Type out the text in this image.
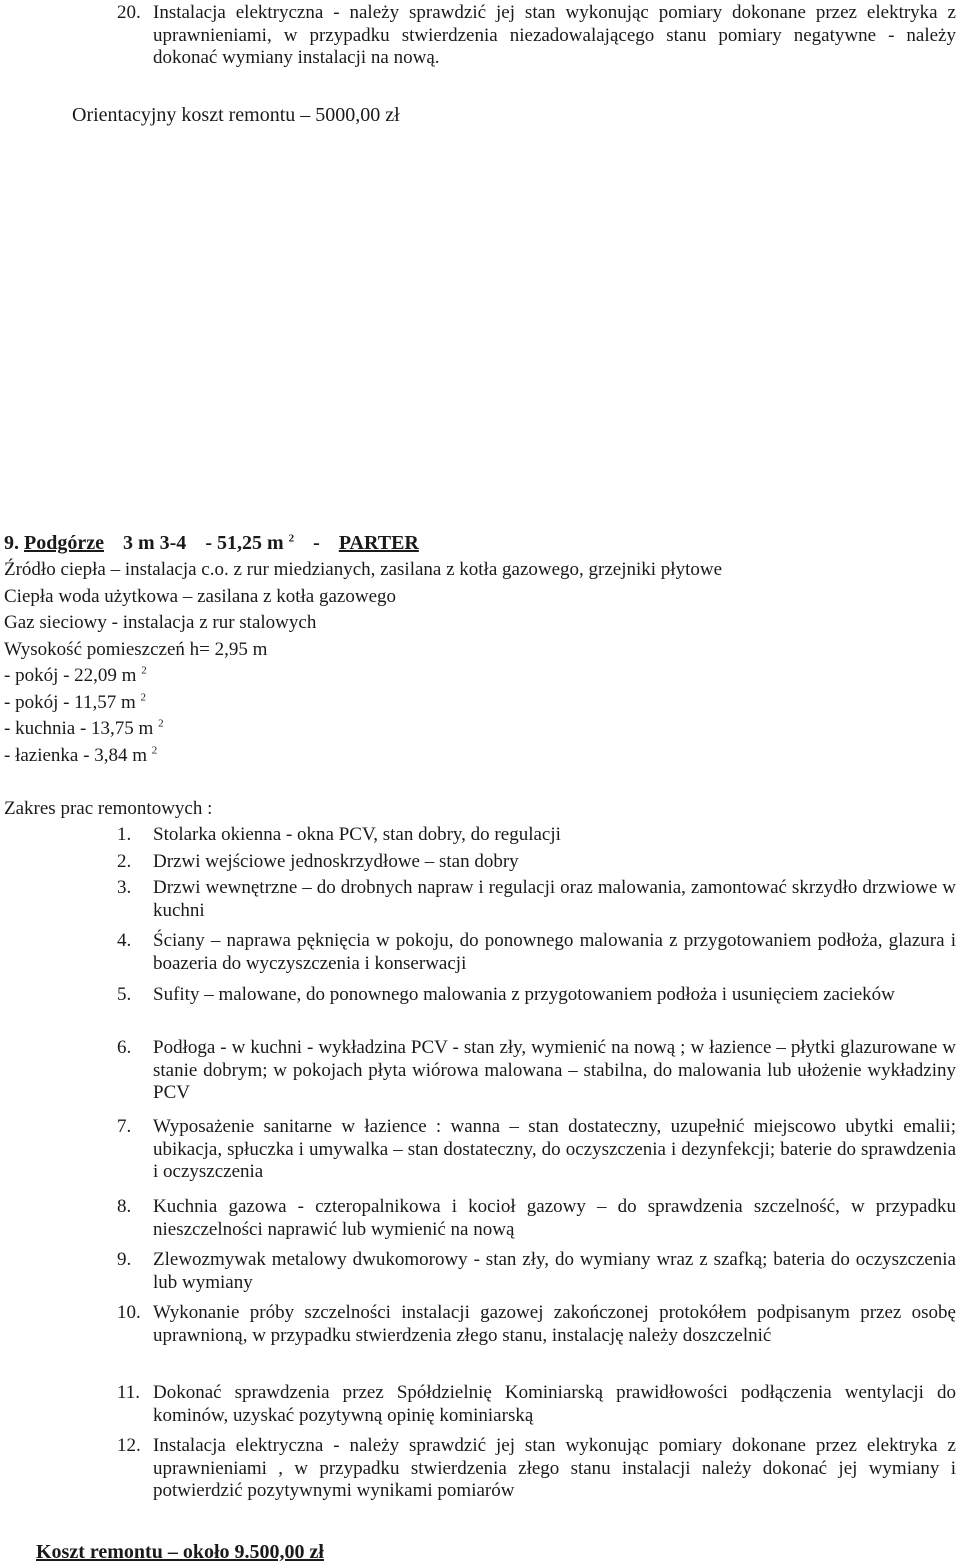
20. Instalacja elektryczna - należy sprawdzić jej stan wykonując pomiary dokonane przez elektryka z uprawnieniami, w przypadku stwierdzenia niezadowalającego stanu pomiary negatywne - należy dokonać wymiany instalacji na nową.
Orientacyjny koszt remontu – 5000,00 zł
9. Podgórze 3 m 3-4 - 51,25 m $^2$ - PARTER
Źródło ciepła – instalacja c.o. z rur miedzianych, zasilana z kotła gazowego, grzejniki płytowe
Ciepła woda użytkowa – zasilana z kotła gazowego
Gaz sieciowy - instalacja z rur stalowych
Wysokość pomieszczeń h= 2,95 m
- pokój - 22,09 m $^2$
- pokój - 11,57 m $^2$
- kuchnia - 13,75 m $^2$
- łazienka - 3,84 m $^2$
Zakres prac remontowych :
1. Stolarka okienna - okna PCV, stan dobry, do regulacji
2. Drzwi wejściowe jednoskrzydłowe – stan dobry
3. Drzwi wewnętrzne – do drobnych napraw i regulacji oraz malowania, zamontować skrzydło drzwiowe w kuchni
4. Ściany – naprawa pęknięcia w pokoju, do ponownego malowania z przygotowaniem podłoża, glazura i boazeria do wyczyszczenia i konserwacji
5. Sufity – malowane, do ponownego malowania z przygotowaniem podłoża i usunięciem zacieków
6. Podłoga - w kuchni - wykładzina PCV - stan zły, wymienić na nową ; w łazience – płytki glazurowane w stanie dobrym; w pokojach płyta wiórowa malowana – stabilna, do malowania lub ułożenie wykładziny PCV
7. Wyposażenie sanitarne w łazience : wanna – stan dostateczny, uzupełnić miejscowo ubytki emalii; ubikacja, spłuczka i umywalka – stan dostateczny, do oczyszczenia i dezynfekcji; baterie do sprawdzenia i oczyszczenia
8. Kuchnia gazowa - czteropalnikowa i kocioł gazowy – do sprawdzenia szczelność, w przypadku nieszczelności naprawić lub wymienić na nową
9. Zlewozmywak metalowy dwukomorowy - stan zły, do wymiany wraz z szafką; bateria do oczyszczenia lub wymiany
10. Wykonanie próby szczelności instalacji gazowej zakończonej protokółem podpisanym przez osobę uprawnioną, w przypadku stwierdzenia złego stanu, instalację należy doszczelnić
11. Dokonać sprawdzenia przez Spółdzielnię Kominiarską prawidłowości podłączenia wentylacji do kominów, uzyskać pozytywną opinię kominiarską
12. Instalacja elektryczna - należy sprawdzić jej stan wykonując pomiary dokonane przez elektryka z uprawnieniami , w przypadku stwierdzenia złego stanu instalacji należy dokonać jej wymiany i potwierdzić pozytywnymi wynikami pomiarów
Koszt remontu – około 9.500,00 zł
